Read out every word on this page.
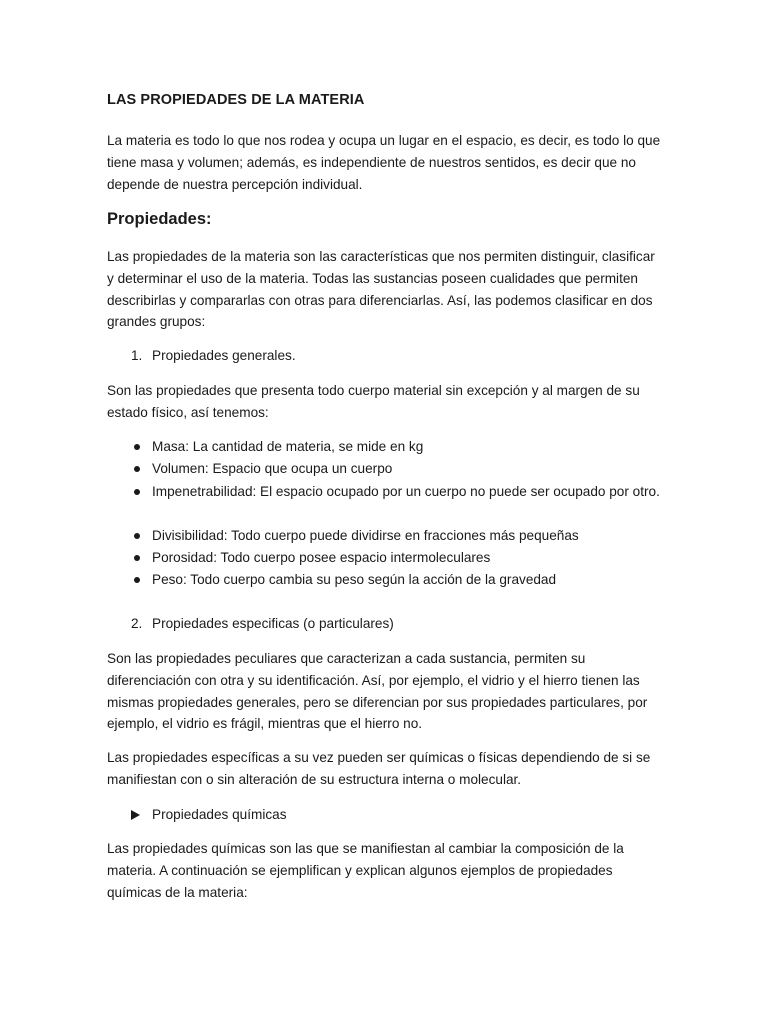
LAS PROPIEDADES DE LA MATERIA

La materia es todo lo que nos rodea y ocupa un lugar en el espacio, es decir, es todo lo que tiene masa y volumen; además, es independiente de nuestros sentidos, es decir que no depende de nuestra percepción individual.

Propiedades:

Las propiedades de la materia son las características que nos permiten distinguir, clasificar y determinar el uso de la materia. Todas las sustancias poseen cualidades que permiten describirlas y compararlas con otras para diferenciarlas. Así, las podemos clasificar en dos grandes grupos:

1. Propiedades generales.

Son las propiedades que presenta todo cuerpo material sin excepción y al margen de su estado físico, así tenemos:

Masa: La cantidad de materia, se mide en kg
Volumen: Espacio que ocupa un cuerpo
Impenetrabilidad: El espacio ocupado por un cuerpo no puede ser ocupado por otro.
Divisibilidad: Todo cuerpo puede dividirse en fracciones más pequeñas
Porosidad: Todo cuerpo posee espacio intermoleculares
Peso: Todo cuerpo cambia su peso según la acción de la gravedad
2. Propiedades especificas (o particulares)

Son las propiedades peculiares que caracterizan a cada sustancia, permiten su diferenciación con otra y su identificación. Así, por ejemplo, el vidrio y el hierro tienen las mismas propiedades generales, pero se diferencian por sus propiedades particulares, por ejemplo, el vidrio es frágil, mientras que el hierro no.

Las propiedades específicas a su vez pueden ser químicas o físicas dependiendo de si se manifiestan con o sin alteración de su estructura interna o molecular.

Propiedades químicas

Las propiedades químicas son las que se manifiestan al cambiar la composición de la materia. A continuación se ejemplifican y explican algunos ejemplos de propiedades químicas de la materia:
